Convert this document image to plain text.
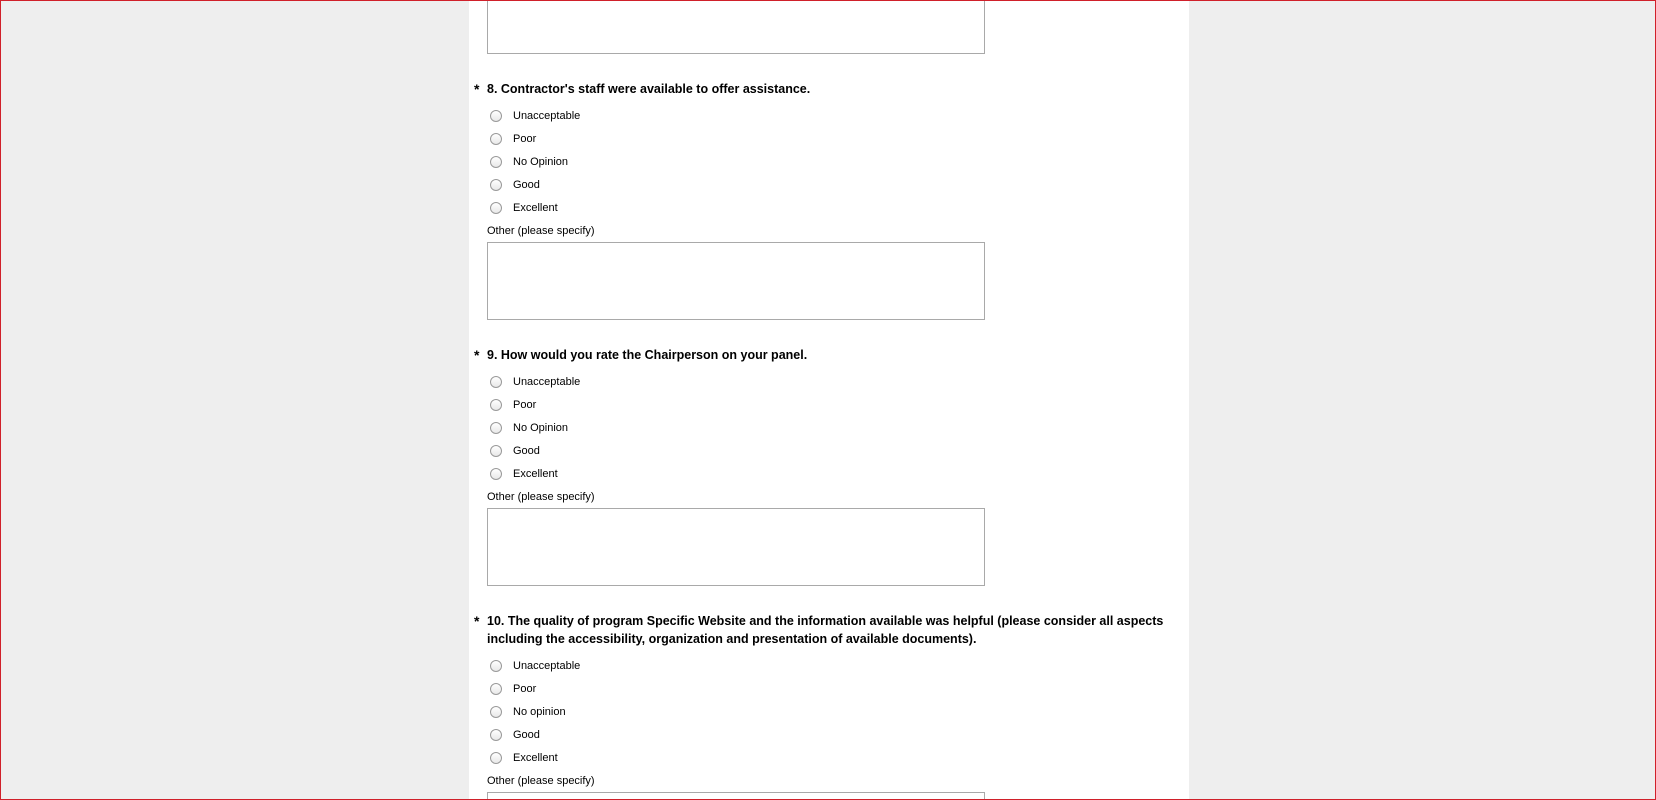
* 8. Contractor's staff were available to offer assistance.
Unacceptable
Poor
No Opinion
Good
Excellent
Other (please specify)
* 9. How would you rate the Chairperson on your panel.
Unacceptable
Poor
No Opinion
Good
Excellent
Other (please specify)
* 10. The quality of program Specific Website and the information available was helpful (please consider all aspects including the accessibility, organization and presentation of available documents).
Unacceptable
Poor
No opinion
Good
Excellent
Other (please specify)
